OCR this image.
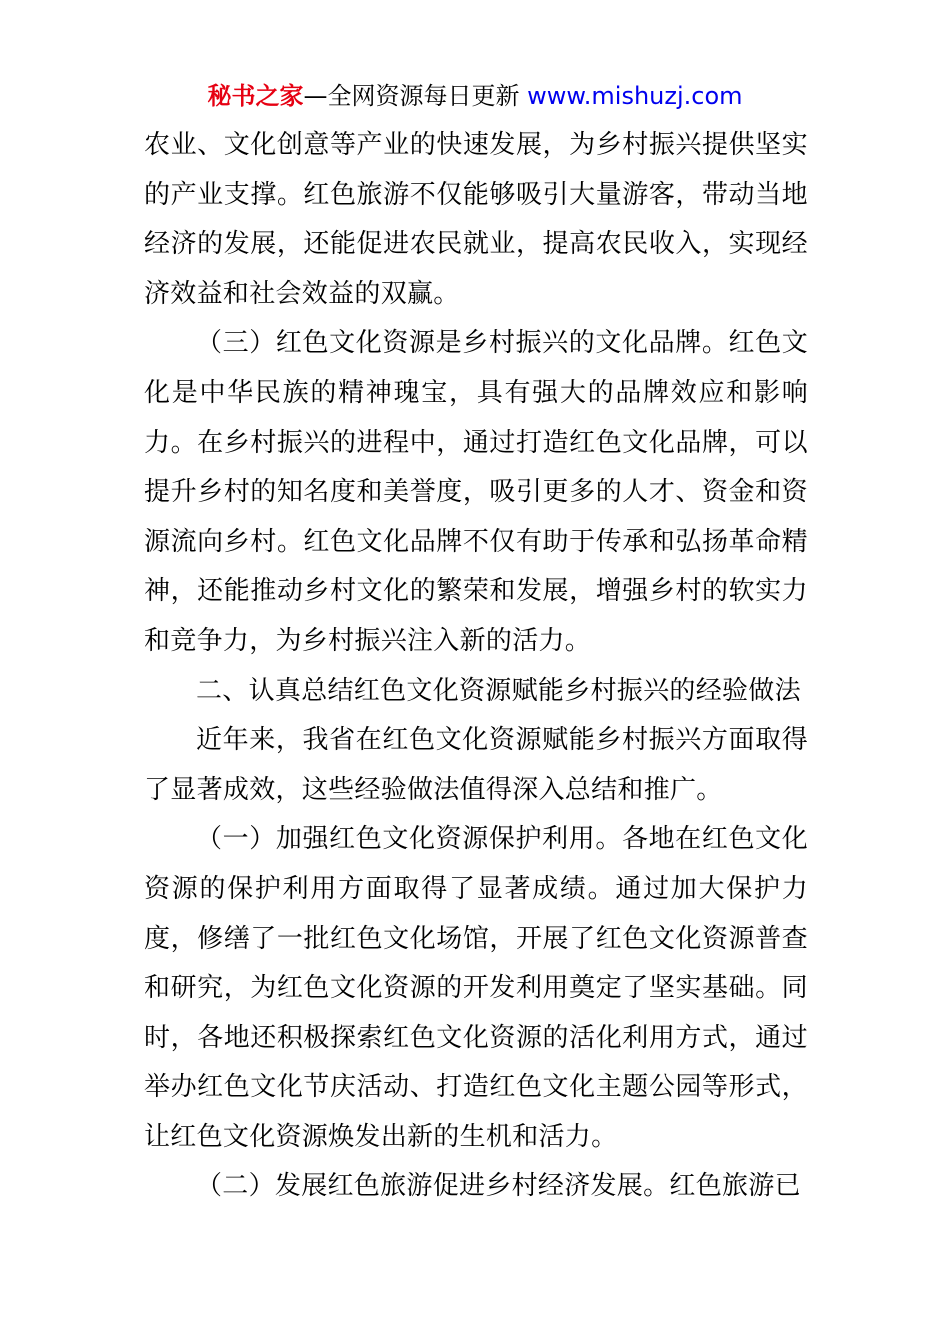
秘书之家—全网资源每日更新 www.mishuzj.com

农业、文化创意等产业的快速发展，为乡村振兴提供坚实的产业支撑。红色旅游不仅能够吸引大量游客，带动当地经济的发展，还能促进农民就业，提高农民收入，实现经济效益和社会效益的双赢。

（三）红色文化资源是乡村振兴的文化品牌。红色文化是中华民族的精神瑰宝，具有强大的品牌效应和影响力。在乡村振兴的进程中，通过打造红色文化品牌，可以提升乡村的知名度和美誉度，吸引更多的人才、资金和资源流向乡村。红色文化品牌不仅有助于传承和弘扬革命精神，还能推动乡村文化的繁荣和发展，增强乡村的软实力和竞争力，为乡村振兴注入新的活力。

二、认真总结红色文化资源赋能乡村振兴的经验做法

近年来，我省在红色文化资源赋能乡村振兴方面取得了显著成效，这些经验做法值得深入总结和推广。

（一）加强红色文化资源保护利用。各地在红色文化资源的保护利用方面取得了显著成绩。通过加大保护力度，修缮了一批红色文化场馆，开展了红色文化资源普查和研究，为红色文化资源的开发利用奠定了坚实基础。同时，各地还积极探索红色文化资源的活化利用方式，通过举办红色文化节庆活动、打造红色文化主题公园等形式，让红色文化资源焕发出新的生机和活力。

（二）发展红色旅游促进乡村经济发展。红色旅游已
